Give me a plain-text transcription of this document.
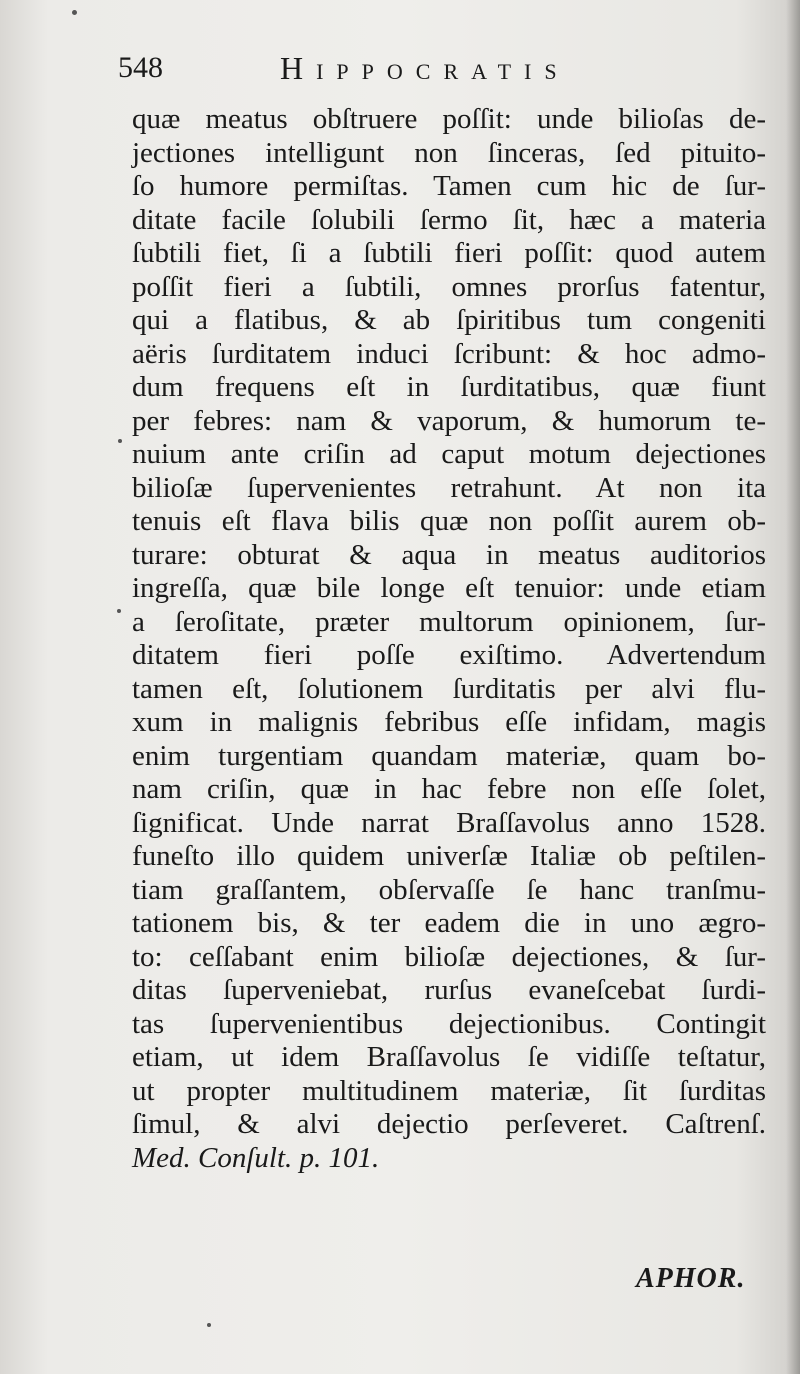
548	Hippocratis
quæ meatus obſtruere poſſit: unde bilioſas de-
jectiones intelligunt non ſinceras, ſed pituito-
ſo humore permiſtas. Tamen cum hic de ſur-
ditate facile ſolubili ſermo ſit, hæc a materia
ſubtili fiet, ſi a ſubtili fieri poſſit: quod autem
poſſit fieri a ſubtili, omnes prorſus fatentur,
qui a flatibus, & ab ſpiritibus tum congeniti
aëris ſurditatem induci ſcribunt: & hoc admo-
dum frequens eſt in ſurditatibus, quæ fiunt
per febres: nam & vaporum, & humorum te-
nuium ante criſin ad caput motum dejectiones
bilioſæ ſupervenientes retrahunt. At non ita
tenuis eſt flava bilis quæ non poſſit aurem ob-
turare: obturat & aqua in meatus auditorios
ingreſſa, quæ bile longe eſt tenuior: unde etiam
a ſeroſitate, præter multorum opinionem, ſur-
ditatem fieri poſſe exiſtimo. Advertendum
tamen eſt, ſolutionem ſurditatis per alvi flu-
xum in malignis febribus eſſe infidam, magis
enim turgentiam quandam materiæ, quam bo-
nam criſin, quæ in hac febre non eſſe ſolet,
ſignificat. Unde narrat Braſſavolus anno 1528.
funeſto illo quidem univerſæ Italiæ ob peſtilen-
tiam graſſantem, obſervaſſe ſe hanc tranſmu-
tationem bis, & ter eadem die in uno ægro-
to: ceſſabant enim bilioſæ dejectiones, & ſur-
ditas ſuperveniebat, rurſus evaneſcebat ſurdi-
tas ſupervenientibus dejectionibus. Contingit
etiam, ut idem Braſſavolus ſe vidiſſe teſtatur,
ut propter multitudinem materiæ, ſit ſurditas
ſimul, & alvi dejectio perſeveret. Caſtrenſ.
Med. Conſult. p. 101.
APHOR.
